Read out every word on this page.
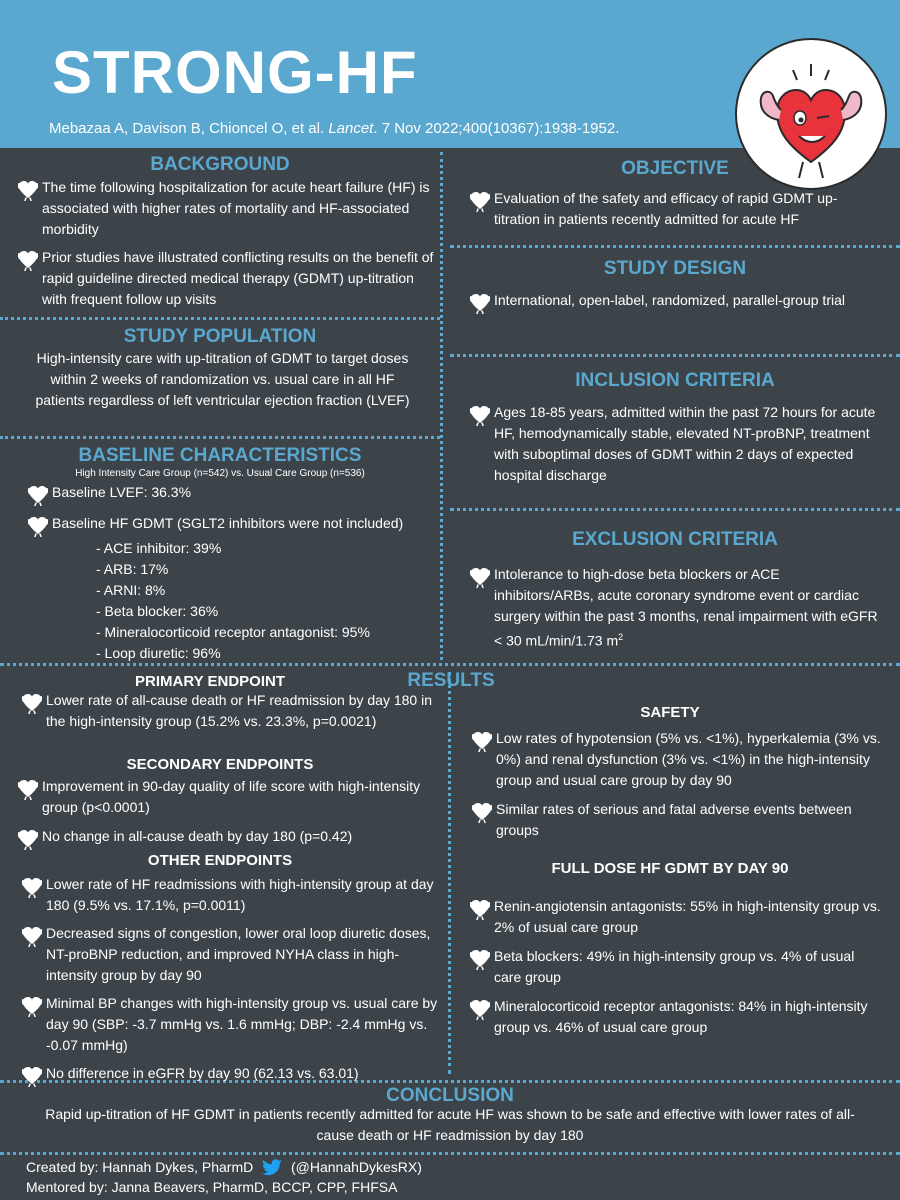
STRONG-HF
Mebazaa A, Davison B, Chioncel O, et al. Lancet. 7 Nov 2022;400(10367):1938-1952.
BACKGROUND
The time following hospitalization for acute heart failure (HF) is associated with higher rates of mortality and HF-associated morbidity
Prior studies have illustrated conflicting results on the benefit of rapid guideline directed medical therapy (GDMT) up-titration with frequent follow up visits
STUDY POPULATION
High-intensity care with up-titration of GDMT to target doses within 2 weeks of randomization vs. usual care in all HF patients regardless of left ventricular ejection fraction (LVEF)
BASELINE CHARACTERISTICS
High Intensity Care Group (n=542) vs. Usual Care Group (n=536)
Baseline LVEF: 36.3%
Baseline HF GDMT (SGLT2 inhibitors were not included)
- ACE inhibitor: 39%
- ARB: 17%
- ARNI: 8%
- Beta blocker: 36%
- Mineralocorticoid receptor antagonist: 95%
- Loop diuretic: 96%
OBJECTIVE
Evaluation of the safety and efficacy of rapid GDMT up-titration in patients recently admitted for acute HF
STUDY DESIGN
International, open-label, randomized, parallel-group trial
INCLUSION CRITERIA
Ages 18-85 years, admitted within the past 72 hours for acute HF, hemodynamically stable, elevated NT-proBNP, treatment with suboptimal doses of GDMT within 2 days of expected hospital discharge
EXCLUSION CRITERIA
Intolerance to high-dose beta blockers or ACE inhibitors/ARBs, acute coronary syndrome event or cardiac surgery within the past 3 months, renal impairment with eGFR < 30 mL/min/1.73 $m^2$
RESULTS
PRIMARY ENDPOINT
Lower rate of all-cause death or HF readmission by day 180 in the high-intensity group (15.2% vs. 23.3%, p=0.0021)
SECONDARY ENDPOINTS
Improvement in 90-day quality of life score with high-intensity group (p<0.0001)
No change in all-cause death by day 180 (p=0.42)
OTHER ENDPOINTS
Lower rate of HF readmissions with high-intensity group at day 180 (9.5% vs. 17.1%, p=0.0011)
Decreased signs of congestion, lower oral loop diuretic doses, NT-proBNP reduction, and improved NYHA class in high-intensity group by day 90
Minimal BP changes with high-intensity group vs. usual care by day 90 (SBP: -3.7 mmHg vs. 1.6 mmHg; DBP: -2.4 mmHg vs. -0.07 mmHg)
No difference in eGFR by day 90 (62.13 vs. 63.01)
SAFETY
Low rates of hypotension (5% vs. <1%), hyperkalemia (3% vs. 0%) and renal dysfunction (3% vs. <1%) in the high-intensity group and usual care group by day 90
Similar rates of serious and fatal adverse events between groups
FULL DOSE HF GDMT BY DAY 90
Renin-angiotensin antagonists: 55% in high-intensity group vs. 2% of usual care group
Beta blockers: 49% in high-intensity group vs. 4% of usual care group
Mineralocorticoid receptor antagonists: 84% in high-intensity group vs. 46% of usual care group
CONCLUSION
Rapid up-titration of HF GDMT in patients recently admitted for acute HF was shown to be safe and effective with lower rates of all-cause death or HF readmission by day 180
Created by: Hannah Dykes, PharmD	(@HannahDykesRX)
Mentored by: Janna Beavers, PharmD, BCCP, CPP, FHFSA
